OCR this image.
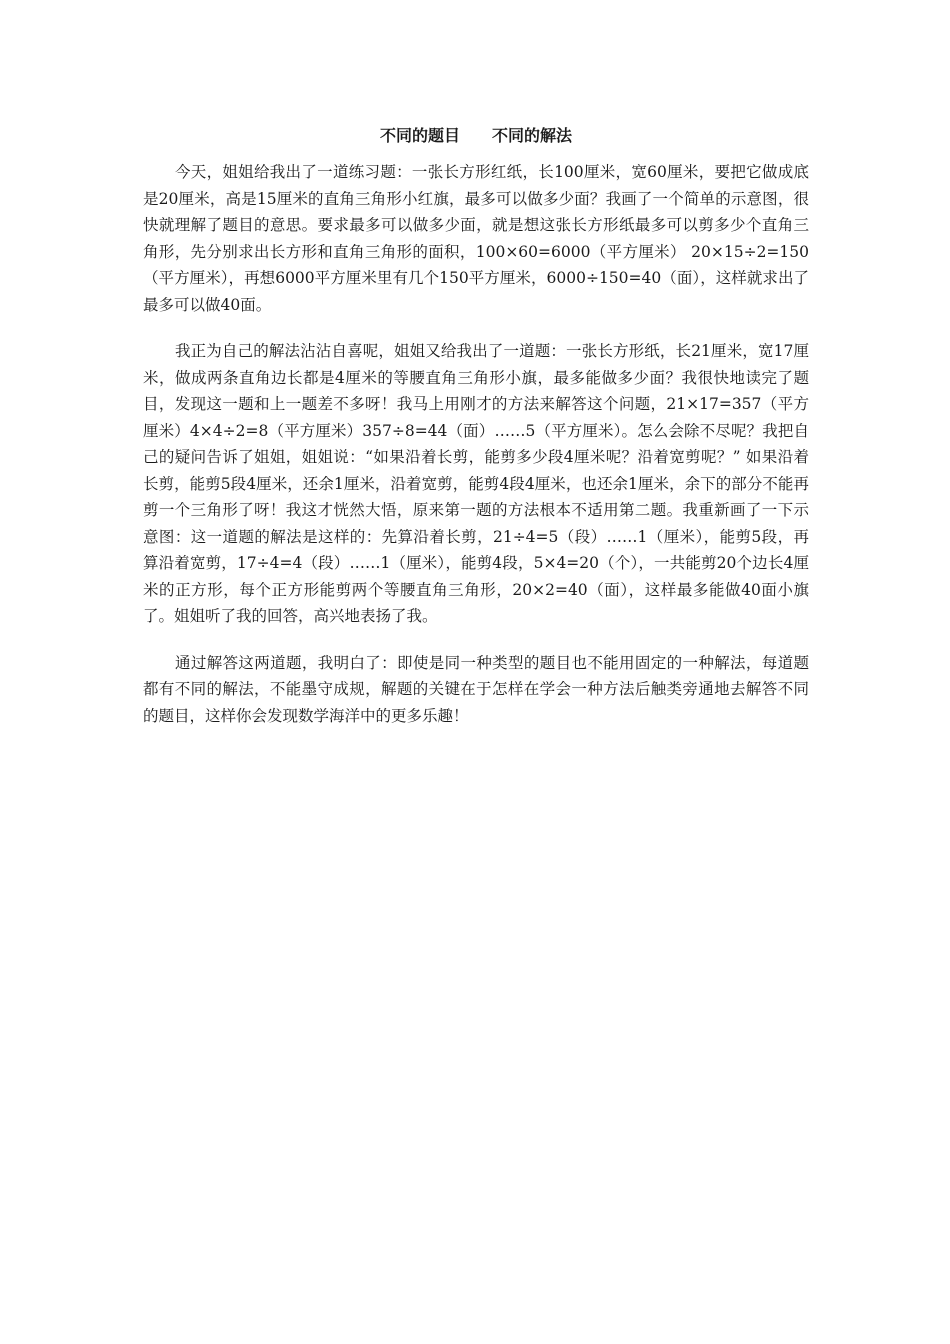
不同的题目　　不同的解法

今天，姐姐给我出了一道练习题：一张长方形红纸，长100厘米，宽60厘米，要把它做成底是20厘米，高是15厘米的直角三角形小红旗，最多可以做多少面？我画了一个简单的示意图，很快就理解了题目的意思。要求最多可以做多少面，就是想这张长方形纸最多可以剪多少个直角三角形，先分别求出长方形和直角三角形的面积，100×60=6000（平方厘米） 20×15÷2=150（平方厘米），再想6000平方厘米里有几个150平方厘米，6000÷150=40（面），这样就求出了最多可以做40面。

我正为自己的解法沾沾自喜呢，姐姐又给我出了一道题：一张长方形纸，长21厘米，宽17厘米，做成两条直角边长都是4厘米的等腰直角三角形小旗，最多能做多少面？我很快地读完了题目，发现这一题和上一题差不多呀！我马上用刚才的方法来解答这个问题，21×17=357（平方厘米）4×4÷2=8（平方厘米）357÷8=44（面）……5（平方厘米）。怎么会除不尽呢？我把自己的疑问告诉了姐姐，姐姐说：“如果沿着长剪，能剪多少段4厘米呢？沿着宽剪呢？” 如果沿着长剪，能剪5段4厘米，还余1厘米，沿着宽剪，能剪4段4厘米，也还余1厘米，余下的部分不能再剪一个三角形了呀！我这才恍然大悟，原来第一题的方法根本不适用第二题。我重新画了一下示意图：这一道题的解法是这样的：先算沿着长剪，21÷4=5（段）……1（厘米），能剪5段，再算沿着宽剪，17÷4=4（段）……1（厘米），能剪4段，5×4=20（个），一共能剪20个边长4厘米的正方形，每个正方形能剪两个等腰直角三角形，20×2=40（面），这样最多能做40面小旗了。姐姐听了我的回答，高兴地表扬了我。

通过解答这两道题，我明白了：即使是同一种类型的题目也不能用固定的一种解法，每道题都有不同的解法，不能墨守成规，解题的关键在于怎样在学会一种方法后触类旁通地去解答不同的题目，这样你会发现数学海洋中的更多乐趣！
